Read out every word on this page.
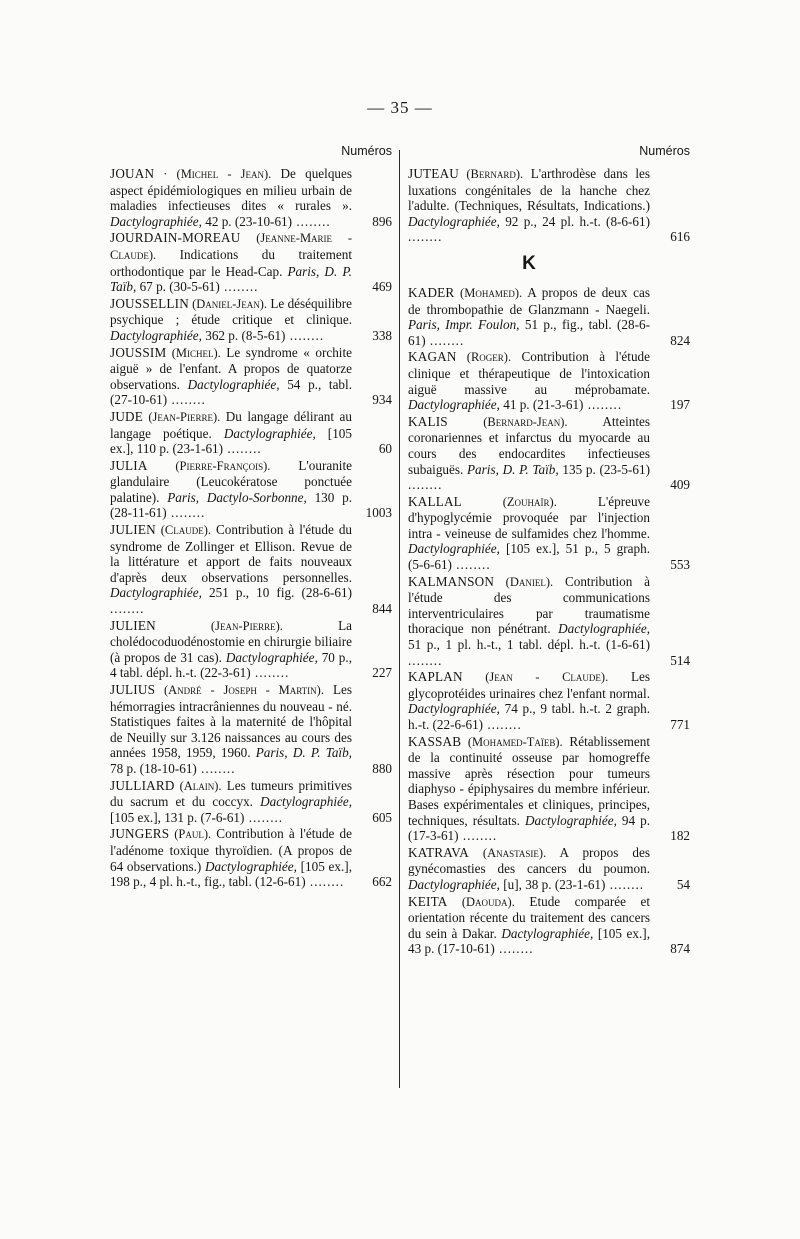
— 35 —
Numéros
JOUAN · (Michel - Jean). De quelques aspect épidémiologiques en milieu urbain de maladies infectieuses dites « rurales ». Dactylographiée, 42 p. (23-10-61) ........	896
JOURDAIN-MOREAU (Jeanne-Marie - Claude). Indications du traitement orthodontique par le Head-Cap. Paris, D. P. Taïb, 67 p. (30-5-61) ........	469
JOUSSELLIN (Daniel-Jean). Le déséquilibre psychique ; étude critique et clinique. Dactylographiée, 362 p. (8-5-61) ........	338
JOUSSIM (Michel). Le syndrome « orchite aiguë » de l'enfant. A propos de quatorze observations. Dactylographiée, 54 p., tabl. (27-10-61) ........	934
JUDE (Jean-Pierre). Du langage délirant au langage poétique. Dactylographiée, [105 ex.], 110 p. (23-1-61) ........	60
JULIA (Pierre-François). L'ouranite glandulaire (Leucokératose ponctuée palatine). Paris, Dactylo-Sorbonne, 130 p. (28-11-61) ........	1003
JULIEN (Claude). Contribution à l'étude du syndrome de Zollinger et Ellison. Revue de la littérature et apport de faits nouveaux d'après deux observations personnelles. Dactylographiée, 251 p., 10 fig. (28-6-61) ........	844
JULIEN (Jean-Pierre). La cholédocoduodénostomie en chirurgie biliaire (à propos de 31 cas). Dactylographiée, 70 p., 4 tabl. dépl. h.-t. (22-3-61) ........	227
JULIUS (André - Joseph - Martin). Les hémorragies intracrâniennes du nouveau - né. Statistiques faites à la maternité de l'hôpital de Neuilly sur 3.126 naissances au cours des années 1958, 1959, 1960. Paris, D. P. Taïb, 78 p. (18-10-61) ........	880
JULLIARD (Alain). Les tumeurs primitives du sacrum et du coccyx. Dactylographiée, [105 ex.], 131 p. (7-6-61) ........	605
JUNGERS (Paul). Contribution à l'étude de l'adénome toxique thyroïdien. (A propos de 64 observations.) Dactylographiée, [105 ex.], 198 p., 4 pl. h.-t., fig., tabl. (12-6-61) ........ 662
Numéros
JUTEAU (Bernard). L'arthrodèse dans les luxations congénitales de la hanche chez l'adulte. (Techniques, Résultats, Indications.) Dactylographiée, 92 p., 24 pl. h.-t. (8-6-61) ........	616
K
KADER (Mohamed). A propos de deux cas de thrombopathie de Glanzmann - Naegeli. Paris, Impr. Foulon, 51 p., fig., tabl. (28-6-61) ........	824
KAGAN (Roger). Contribution à l'étude clinique et thérapeutique de l'intoxication aiguë massive au méprobamate. Dactylographiée, 41 p. (21-3-61) ........	197
KALIS (Bernard-Jean). Atteintes coronariennes et infarctus du myocarde au cours des endocardites infectieuses subaiguës. Paris, D. P. Taïb, 135 p. (23-5-61) ........	409
KALLAL (Zouhaïr). L'épreuve d'hypoglycémie provoquée par l'injection intra - veineuse de sulfamides chez l'homme. Dactylographiée, [105 ex.], 51 p., 5 graph. (5-6-61) ........	553
KALMANSON (Daniel). Contribution à l'étude des communications interventriculaires par traumatisme thoracique non pénétrant. Dactylographiée, 51 p., 1 pl. h.-t., 1 tabl. dépl. h.-t. (1-6-61) ........	514
KAPLAN (Jean - Claude). Les glycoprotéides urinaires chez l'enfant normal. Dactylographiée, 74 p., 9 tabl. h.-t. 2 graph. h.-t. (22-6-61) ........	771
KASSAB (Mohamed-Taïeb). Rétablissement de la continuité osseuse par homogreffe massive après résection pour tumeurs diaphyso - épiphysaires du membre inférieur. Bases expérimentales et cliniques, principes, techniques, résultats. Dactylographiée, 94 p. (17-3-61) ........	182
KATRAVA (Anastasie). A propos des gynécomasties des cancers du poumon. Dactylographiée, [u], 38 p. (23-1-61) ........ 54
KEITA (Daouda). Etude comparée et orientation récente du traitement des cancers du sein à Dakar. Dactylographiée, [105 ex.], 43 p. (17-10-61) ........	874
